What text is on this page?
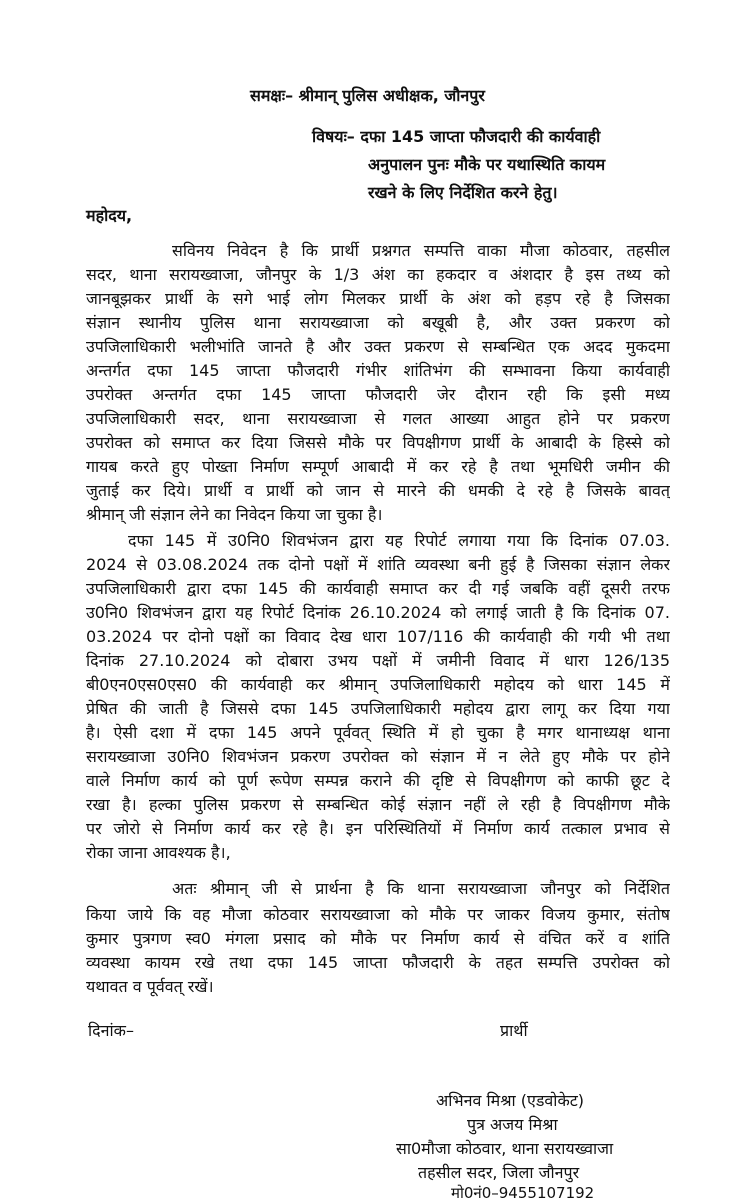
समक्षः– श्रीमान् पुलिस अधीक्षक, जौनपुर
विषयः– दफा 145 जाप्ता फौजदारी की कार्यवाही
अनुपालन पुनः मौके पर यथास्थिति कायम
रखने के लिए निर्देशित करने हेतु।
महोदय,
सविनय निवेदन है कि प्रार्थी प्रश्नगत सम्पत्ति वाका मौजा कोठवार, तहसील
सदर, थाना सरायख्वाजा, जौनपुर के 1/3 अंश का हकदार व अंशदार है इस तथ्य को
जानबूझकर प्रार्थी के सगे भाई लोग मिलकर प्रार्थी के अंश को हड़प रहे है जिसका
संज्ञान स्थानीय पुलिस थाना सरायख्वाजा को बखूबी है, और उक्त प्रकरण को
उपजिलाधिकारी भलीभांति जानते है और उक्त प्रकरण से सम्बन्धित एक अदद मुकदमा
अन्तर्गत दफा 145 जाप्ता फौजदारी गंभीर शांतिभंग की सम्भावना किया कार्यवाही
उपरोक्त अन्तर्गत दफा 145 जाप्ता फौजदारी जेर दौरान रही कि इसी मध्य
उपजिलाधिकारी सदर, थाना सरायख्वाजा से गलत आख्या आहुत होने पर प्रकरण
उपरोक्त को समाप्त कर दिया जिससे मौके पर विपक्षीगण प्रार्थी के आबादी के हिस्से को
गायब करते हुए पोख्ता निर्माण सम्पूर्ण आबादी में कर रहे है तथा भूमधिरी जमीन की
जुताई कर दिये। प्रार्थी व प्रार्थी को जान से मारने की धमकी दे रहे है जिसके बावत्
श्रीमान् जी संज्ञान लेने का निवेदन किया जा चुका है।
दफा 145 में उ0नि0 शिवभंजन द्वारा यह रिपोर्ट लगाया गया कि दिनांक 07.03.
2024 से 03.08.2024 तक दोनो पक्षों में शांति व्यवस्था बनी हुई है जिसका संज्ञान लेकर
उपजिलाधिकारी द्वारा दफा 145 की कार्यवाही समाप्त कर दी गई जबकि वहीं दूसरी तरफ
उ0नि0 शिवभंजन द्वारा यह रिपोर्ट दिनांक 26.10.2024 को लगाई जाती है कि दिनांक 07.
03.2024 पर दोनो पक्षों का विवाद देख धारा 107/116 की कार्यवाही की गयी भी तथा
दिनांक 27.10.2024 को दोबारा उभय पक्षों में जमीनी विवाद में धारा 126/135
बी0एन0एस0एस0 की कार्यवाही कर श्रीमान् उपजिलाधिकारी महोदय को धारा 145 में
प्रेषित की जाती है जिससे दफा 145 उपजिलाधिकारी महोदय द्वारा लागू कर दिया गया
है। ऐसी दशा में दफा 145 अपने पूर्ववत् स्थिति में हो चुका है मगर थानाध्यक्ष थाना
सरायख्वाजा उ0नि0 शिवभंजन प्रकरण उपरोक्त को संज्ञान में न लेते हुए मौके पर होने
वाले निर्माण कार्य को पूर्ण रूपेण सम्पन्न कराने की दृष्टि से विपक्षीगण को काफी छूट दे
रखा है। हल्का पुलिस प्रकरण से सम्बन्धित कोई संज्ञान नहीं ले रही है विपक्षीगण मौके
पर जोरो से निर्माण कार्य कर रहे है। इन परिस्थितियों में निर्माण कार्य तत्काल प्रभाव से
रोका जाना आवश्यक है।,
अतः श्रीमान् जी से प्रार्थना है कि थाना सरायख्वाजा जौनपुर को निर्देशित
किया जाये कि वह मौजा कोठवार सरायख्वाजा को मौके पर जाकर विजय कुमार, संतोष
कुमार पुत्रगण स्व0 मंगला प्रसाद को मौके पर निर्माण कार्य से वंचित करें व शांति
व्यवस्था कायम रखे तथा दफा 145 जाप्ता फौजदारी के तहत सम्पत्ति उपरोक्त को
यथावत व पूर्ववत् रखें।
दिनांक–	प्रार्थी
अभिनव मिश्रा (एडवोकेट)
पुत्र अजय मिश्रा
सा0मौजा कोठवार, थाना सरायख्वाजा
तहसील सदर, जिला जौनपुर
मो0नं0–9455107192
